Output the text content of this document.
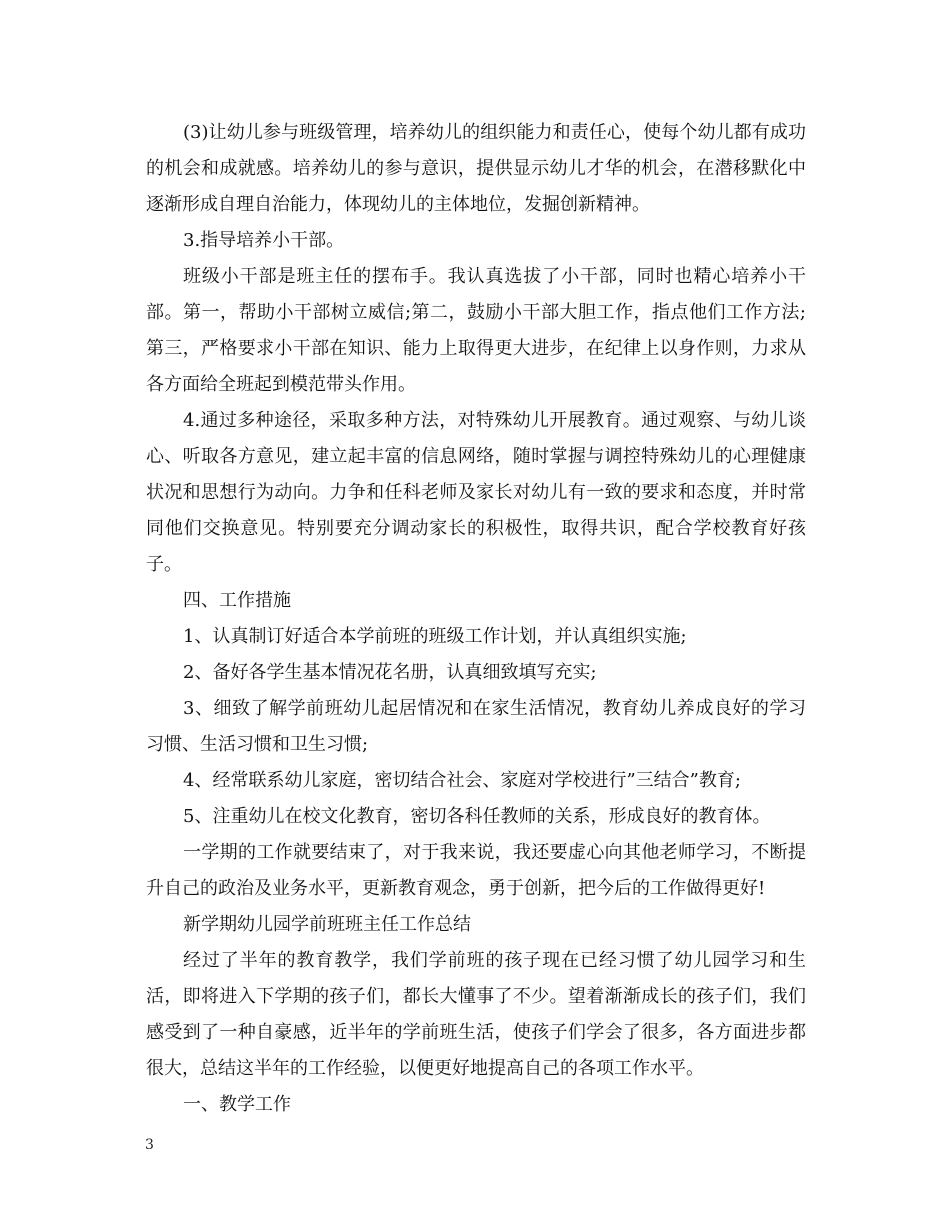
(3)让幼儿参与班级管理，培养幼儿的组织能力和责任心，使每个幼儿都有成功的机会和成就感。培养幼儿的参与意识，提供显示幼儿才华的机会，在潜移默化中逐渐形成自理自治能力，体现幼儿的主体地位，发掘创新精神。

3.指导培养小干部。

班级小干部是班主任的摆布手。我认真选拔了小干部，同时也精心培养小干部。第一，帮助小干部树立威信;第二，鼓励小干部大胆工作，指点他们工作方法;第三，严格要求小干部在知识、能力上取得更大进步，在纪律上以身作则，力求从各方面给全班起到模范带头作用。

4.通过多种途径，采取多种方法，对特殊幼儿开展教育。通过观察、与幼儿谈心、听取各方意见，建立起丰富的信息网络，随时掌握与调控特殊幼儿的心理健康状况和思想行为动向。力争和任科老师及家长对幼儿有一致的要求和态度，并时常同他们交换意见。特别要充分调动家长的积极性，取得共识，配合学校教育好孩子。

四、工作措施

1、认真制订好适合本学前班的班级工作计划，并认真组织实施;

2、备好各学生基本情况花名册，认真细致填写充实;

3、细致了解学前班幼儿起居情况和在家生活情况，教育幼儿养成良好的学习习惯、生活习惯和卫生习惯;

4、经常联系幼儿家庭，密切结合社会、家庭对学校进行”三结合”教育;

5、注重幼儿在校文化教育，密切各科任教师的关系，形成良好的教育体。

一学期的工作就要结束了，对于我来说，我还要虚心向其他老师学习，不断提升自己的政治及业务水平，更新教育观念，勇于创新，把今后的工作做得更好!

新学期幼儿园学前班班主任工作总结

经过了半年的教育教学，我们学前班的孩子现在已经习惯了幼儿园学习和生活，即将进入下学期的孩子们，都长大懂事了不少。望着渐渐成长的孩子们，我们感受到了一种自豪感，近半年的学前班生活，使孩子们学会了很多，各方面进步都很大，总结这半年的工作经验，以便更好地提高自己的各项工作水平。

一、教学工作

3
